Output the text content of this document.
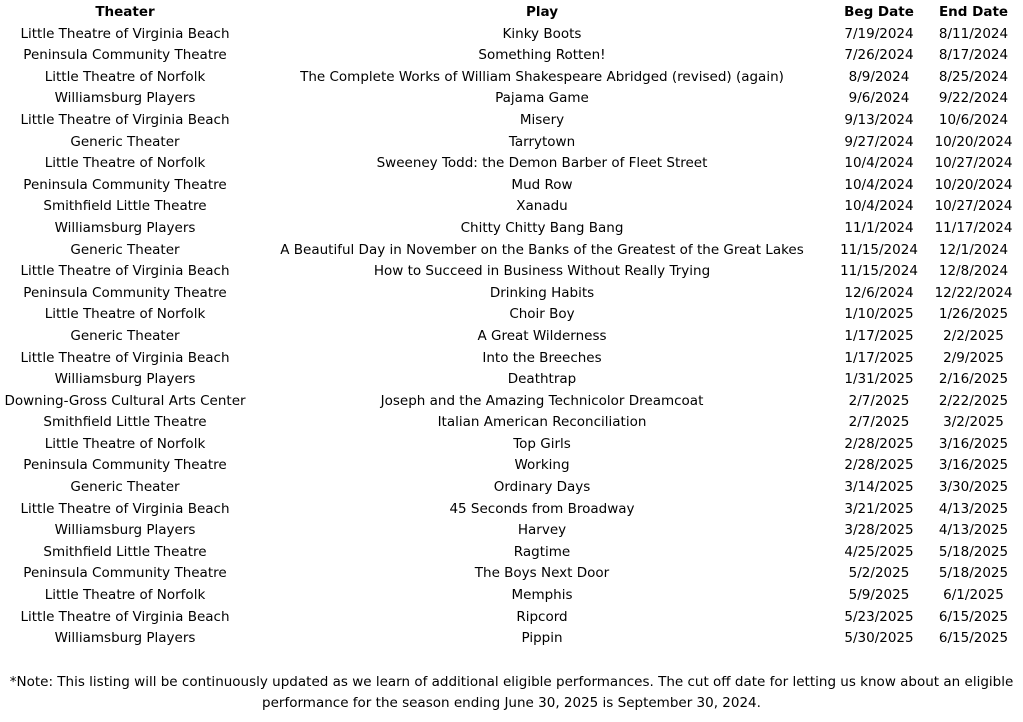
Theater	Play	Beg Date	End Date
Little Theatre of Virginia Beach	Kinky Boots	7/19/2024	8/11/2024
Peninsula Community Theatre	Something Rotten!	7/26/2024	8/17/2024
Little Theatre of Norfolk	The Complete Works of William Shakespeare Abridged (revised) (again)	8/9/2024	8/25/2024
Williamsburg Players	Pajama Game	9/6/2024	9/22/2024
Little Theatre of Virginia Beach	Misery	9/13/2024	10/6/2024
Generic Theater	Tarrytown	9/27/2024	10/20/2024
Little Theatre of Norfolk	Sweeney Todd: the Demon Barber of Fleet Street	10/4/2024	10/27/2024
Peninsula Community Theatre	Mud Row	10/4/2024	10/20/2024
Smithfield Little Theatre	Xanadu	10/4/2024	10/27/2024
Williamsburg Players	Chitty Chitty Bang Bang	11/1/2024	11/17/2024
Generic Theater	A Beautiful Day in November on the Banks of the Greatest of the Great Lakes	11/15/2024	12/1/2024
Little Theatre of Virginia Beach	How to Succeed in Business Without Really Trying	11/15/2024	12/8/2024
Peninsula Community Theatre	Drinking Habits	12/6/2024	12/22/2024
Little Theatre of Norfolk	Choir Boy	1/10/2025	1/26/2025
Generic Theater	A Great Wilderness	1/17/2025	2/2/2025
Little Theatre of Virginia Beach	Into the Breeches	1/17/2025	2/9/2025
Williamsburg Players	Deathtrap	1/31/2025	2/16/2025
Downing-Gross Cultural Arts Center	Joseph and the Amazing Technicolor Dreamcoat	2/7/2025	2/22/2025
Smithfield Little Theatre	Italian American Reconciliation	2/7/2025	3/2/2025
Little Theatre of Norfolk	Top Girls	2/28/2025	3/16/2025
Peninsula Community Theatre	Working	2/28/2025	3/16/2025
Generic Theater	Ordinary Days	3/14/2025	3/30/2025
Little Theatre of Virginia Beach	45 Seconds from Broadway	3/21/2025	4/13/2025
Williamsburg Players	Harvey	3/28/2025	4/13/2025
Smithfield Little Theatre	Ragtime	4/25/2025	5/18/2025
Peninsula Community Theatre	The Boys Next Door	5/2/2025	5/18/2025
Little Theatre of Norfolk	Memphis	5/9/2025	6/1/2025
Little Theatre of Virginia Beach	Ripcord	5/23/2025	6/15/2025
Williamsburg Players	Pippin	5/30/2025	6/15/2025
*Note: This listing will be continuously updated as we learn of additional eligible performances. The cut off date for letting us know about an eligible
performance for the season ending June 30, 2025 is September 30, 2024.
